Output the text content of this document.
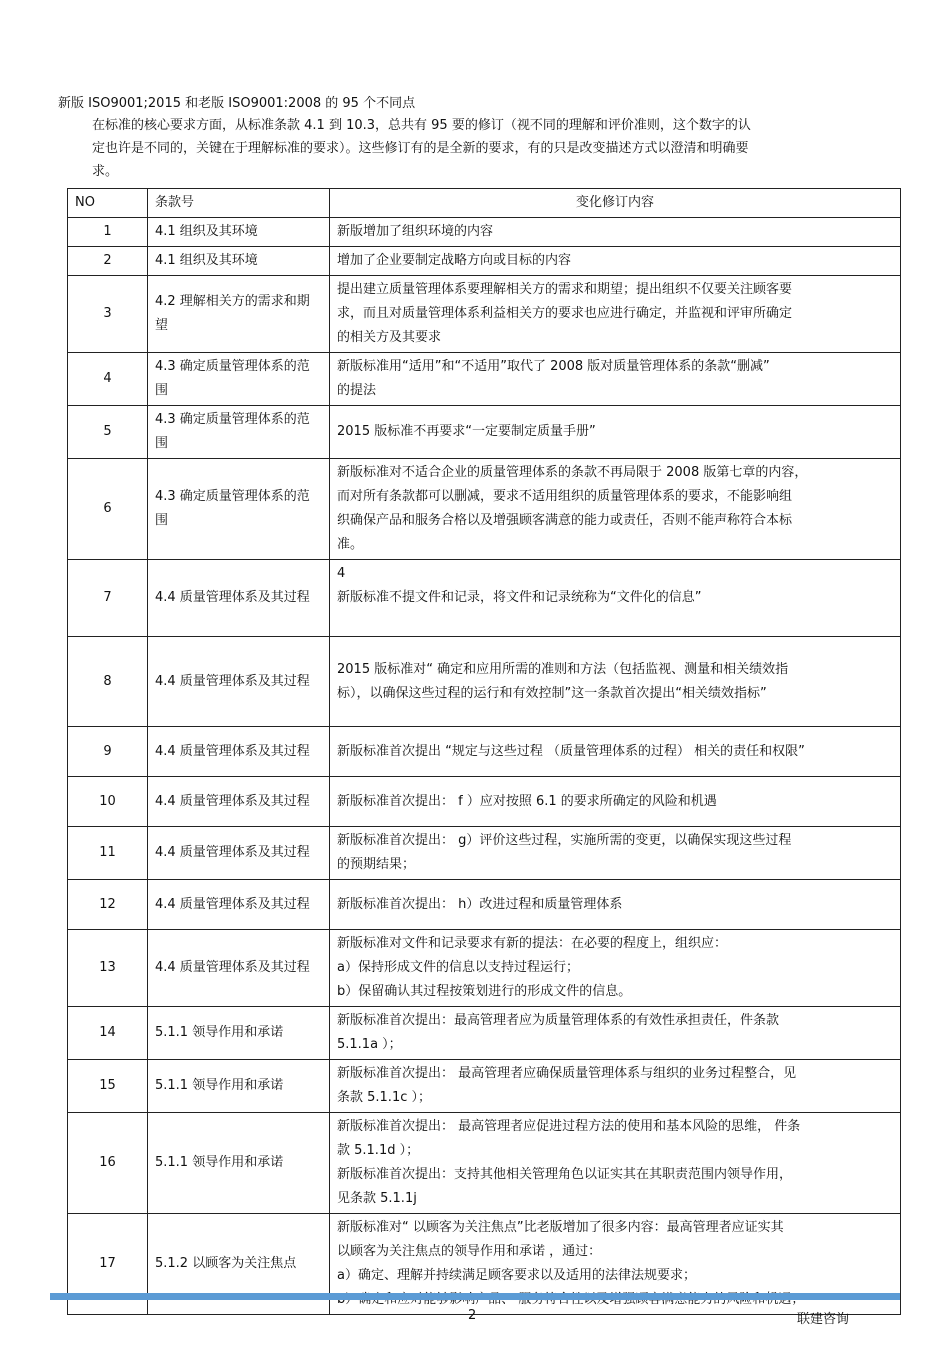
新版 ISO9001;2015 和老版 ISO9001:2008 的 95 个不同点

在标准的核心要求方面，从标准条款 4.1 到 10.3，总共有 95 要的修订（视不同的理解和评价准则，这个数字的认

定也许是不同的，关键在于理解标准的要求）。这些修订有的是全新的要求，有的只是改变描述方式以澄清和明确要

求。

NO	条款号	变化修订内容
1	4.1 组织及其环境	新版增加了组织环境的内容

2	4.1 组织及其环境	增加了企业要制定战略方向或目标的内容

3	4.2 理解相关方的需求和期望	提出建立质量管理体系要理解相关方的需求和期望；提出组织不仅要关注顾客要

求，而且对质量管理体系利益相关方的要求也应进行确定，并监视和评审所确定

的相关方及其要求

4	4.3 确定质量管理体系的范围	新版标准用“适用”和“不适用”取代了 2008 版对质量管理体系的条款“删减”

的提法

5	4.3 确定质量管理体系的范围	2015 版标准不再要求“一定要制定质量手册”

6	4.3 确定质量管理体系的范围	新版标准对不适合企业的质量管理体系的条款不再局限于 2008 版第七章的内容，

而对所有条款都可以删减，要求不适用组织的质量管理体系的要求，不能影响组

织确保产品和服务合格以及增强顾客满意的能力或责任，否则不能声称符合本标

准。

7	4.4 质量管理体系及其过程	4

新版标准不提文件和记录，将文件和记录统称为“文件化的信息”

8	4.4 质量管理体系及其过程	2015 版标准对“ 确定和应用所需的准则和方法（包括监视、测量和相关绩效指

标），以确保这些过程的运行和有效控制”这一条款首次提出“相关绩效指标”

9	4.4 质量管理体系及其过程	新版标准首次提出 “规定与这些过程 （质量管理体系的过程） 相关的责任和权限”

10	4.4 质量管理体系及其过程	新版标准首次提出： f ）应对按照 6.1 的要求所确定的风险和机遇

11	4.4 质量管理体系及其过程	新版标准首次提出： g）评价这些过程，实施所需的变更，以确保实现这些过程

的预期结果；

12	4.4 质量管理体系及其过程	新版标准首次提出： h）改进过程和质量管理体系

13	4.4 质量管理体系及其过程	新版标准对文件和记录要求有新的提法：在必要的程度上，组织应：

a）保持形成文件的信息以支持过程运行；

b）保留确认其过程按策划进行的形成文件的信息。

14	5.1.1 领导作用和承诺	新版标准首次提出：最高管理者应为质量管理体系的有效性承担责任，件条款

5.1.1a ）；

15	5.1.1 领导作用和承诺	新版标准首次提出： 最高管理者应确保质量管理体系与组织的业务过程整合，见

条款 5.1.1c ）；

16	5.1.1 领导作用和承诺	新版标准首次提出： 最高管理者应促进过程方法的使用和基本风险的思维， 件条

款 5.1.1d ）；

新版标准首次提出：支持其他相关管理角色以证实其在其职责范围内领导作用，

见条款 5.1.1j

17	5.1.2 以顾客为关注焦点	新版标准对“ 以顾客为关注焦点”比老版增加了很多内容：最高管理者应证实其

以顾客为关注焦点的领导作用和承诺 ，通过：

a）确定、理解并持续满足顾客要求以及适用的法律法规要求；

2	联建咨询
